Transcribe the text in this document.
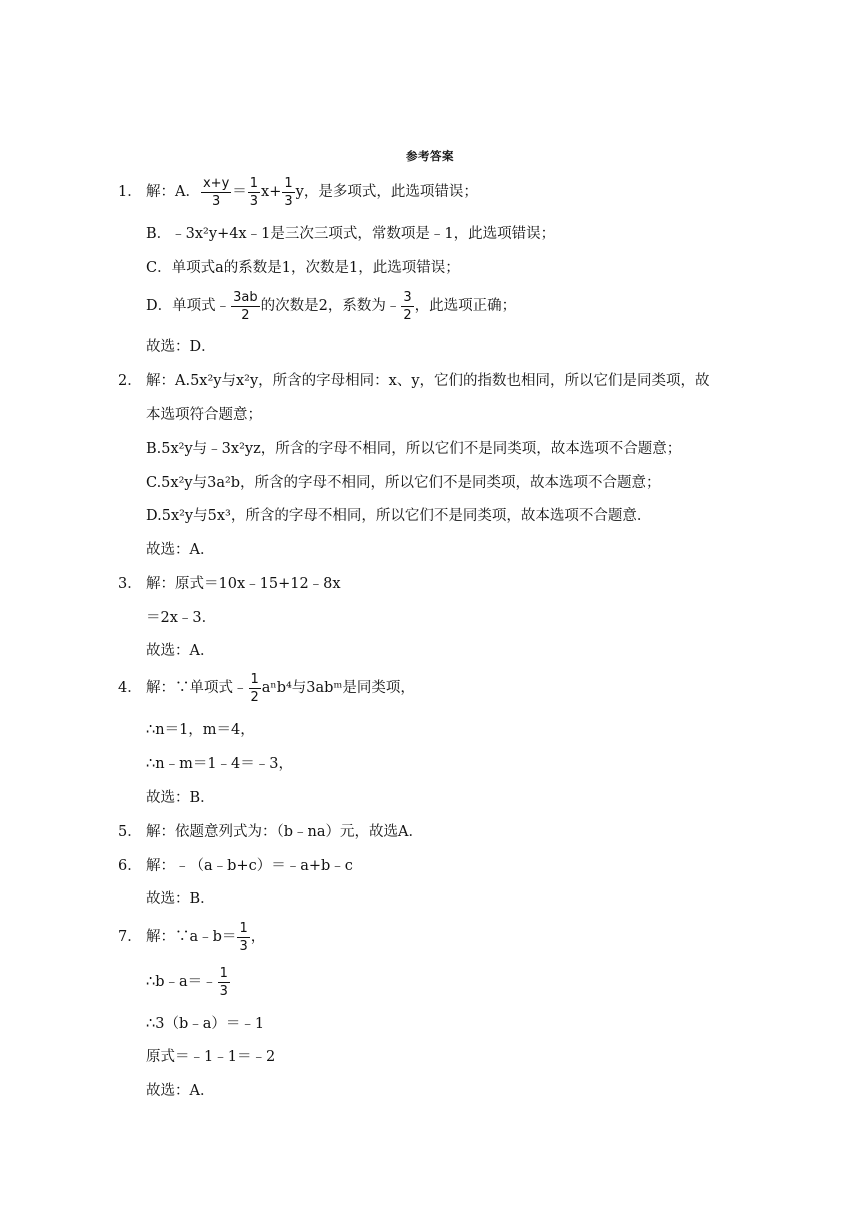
参考答案
1． 解：A． $\frac{x+y}{3} = \frac{1}{3} x+ \frac{1}{3}$ y，是多项式，此选项错误；
B．﹣3x²y+4x﹣1是三次三项式，常数项是﹣1，此选项错误；
C．单项式a的系数是1，次数是1，此选项错误；
D．单项式﹣ $\frac{3ab}{2}$ 的次数是2，系数为﹣ $\frac{3}{2}$ ，此选项正确；
故选：D．
2． 解：A.5x²y与x²y，所含的字母相同：x、y，它们的指数也相同，所以它们是同类项，故
本选项符合题意；
B.5x²y与﹣3x²yz，所含的字母不相同，所以它们不是同类项，故本选项不合题意；
C.5x²y与3a²b，所含的字母不相同，所以它们不是同类项，故本选项不合题意；
D.5x²y与5x³，所含的字母不相同，所以它们不是同类项，故本选项不合题意．
故选：A．
3． 解：原式＝10x﹣15+12﹣8x
＝2x﹣3．
故选：A．
4． 解：∵单项式﹣ $\frac{1}{2} a^nb^4$与3abᵐ是同类项，
∴n＝1，m＝4，
∴n﹣m＝1﹣4＝﹣3，
故选：B．
5． 解：依题意列式为：（b﹣na）元，故选A．
6． 解：﹣（a﹣b+c）＝﹣a+b﹣c
故选：B．
7． 解：∵a﹣b＝ $\frac{1}{3}$ ，
∴b﹣a＝﹣ $\frac{1}{3}$
∴3（b﹣a）＝﹣1
原式＝﹣1﹣1＝﹣2
故选：A．
